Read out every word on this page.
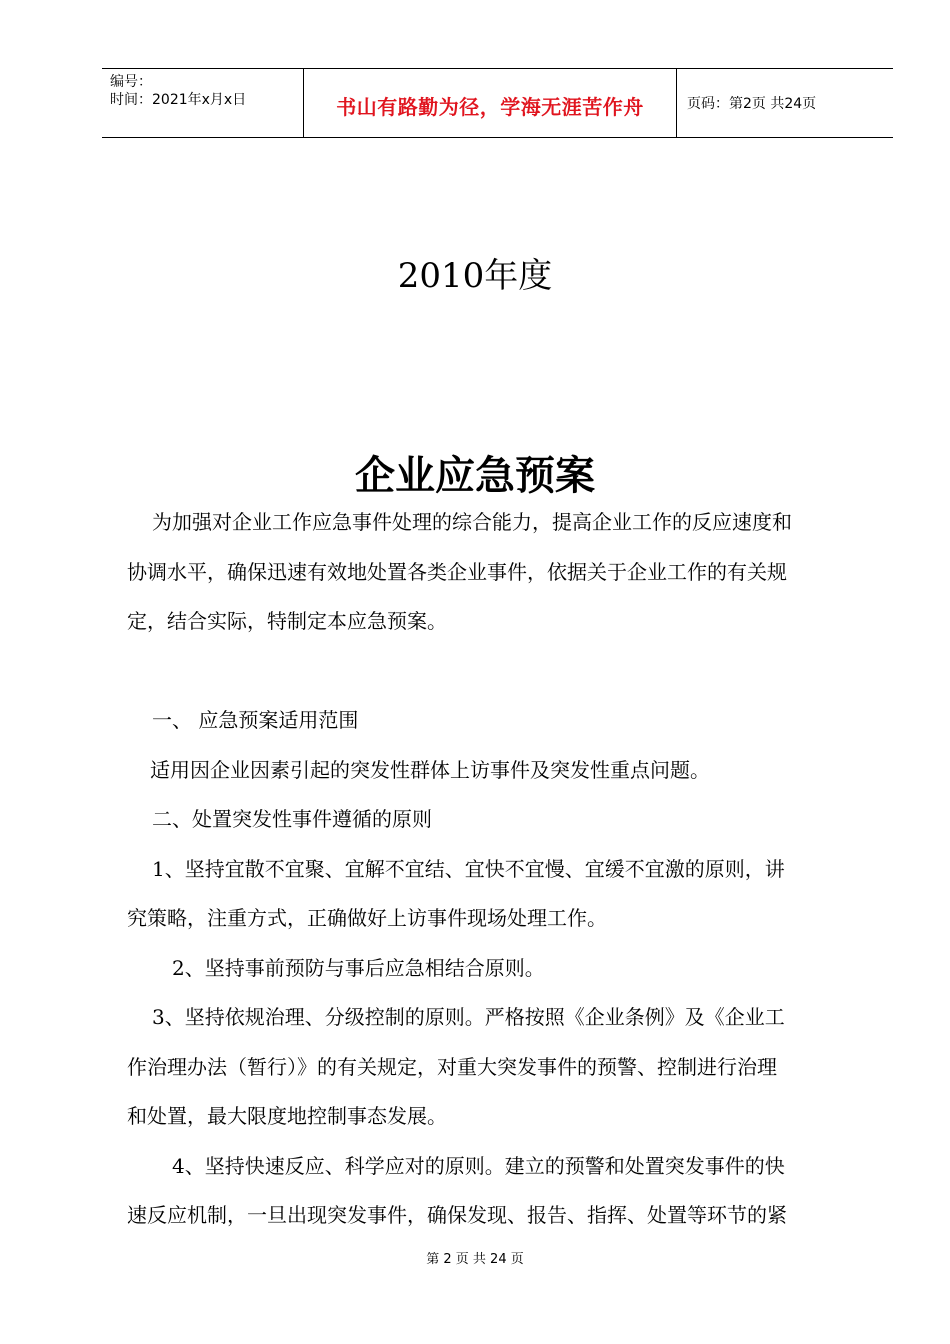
编号：
时间：2021年x月x日	书山有路勤为径，学海无涯苦作舟	页码：第2页 共24页
2010年度
企业应急预案
为加强对企业工作应急事件处理的综合能力，提高企业工作的反应速度和
协调水平，确保迅速有效地处置各类企业事件，依据关于企业工作的有关规
定，结合实际，特制定本应急预案。
一、 应急预案适用范围
适用因企业因素引起的突发性群体上访事件及突发性重点问题。
二、处置突发性事件遵循的原则
1、坚持宜散不宜聚、宜解不宜结、宜快不宜慢、宜缓不宜激的原则，讲
究策略，注重方式，正确做好上访事件现场处理工作。
2、坚持事前预防与事后应急相结合原则。
3、坚持依规治理、分级控制的原则。严格按照《企业条例》及《企业工
作治理办法（暂行）》的有关规定，对重大突发事件的预警、控制进行治理
和处置，最大限度地控制事态发展。
4、坚持快速反应、科学应对的原则。建立的预警和处置突发事件的快
速反应机制，一旦出现突发事件，确保发现、报告、指挥、处置等环节的紧
第 2 页 共 24 页
